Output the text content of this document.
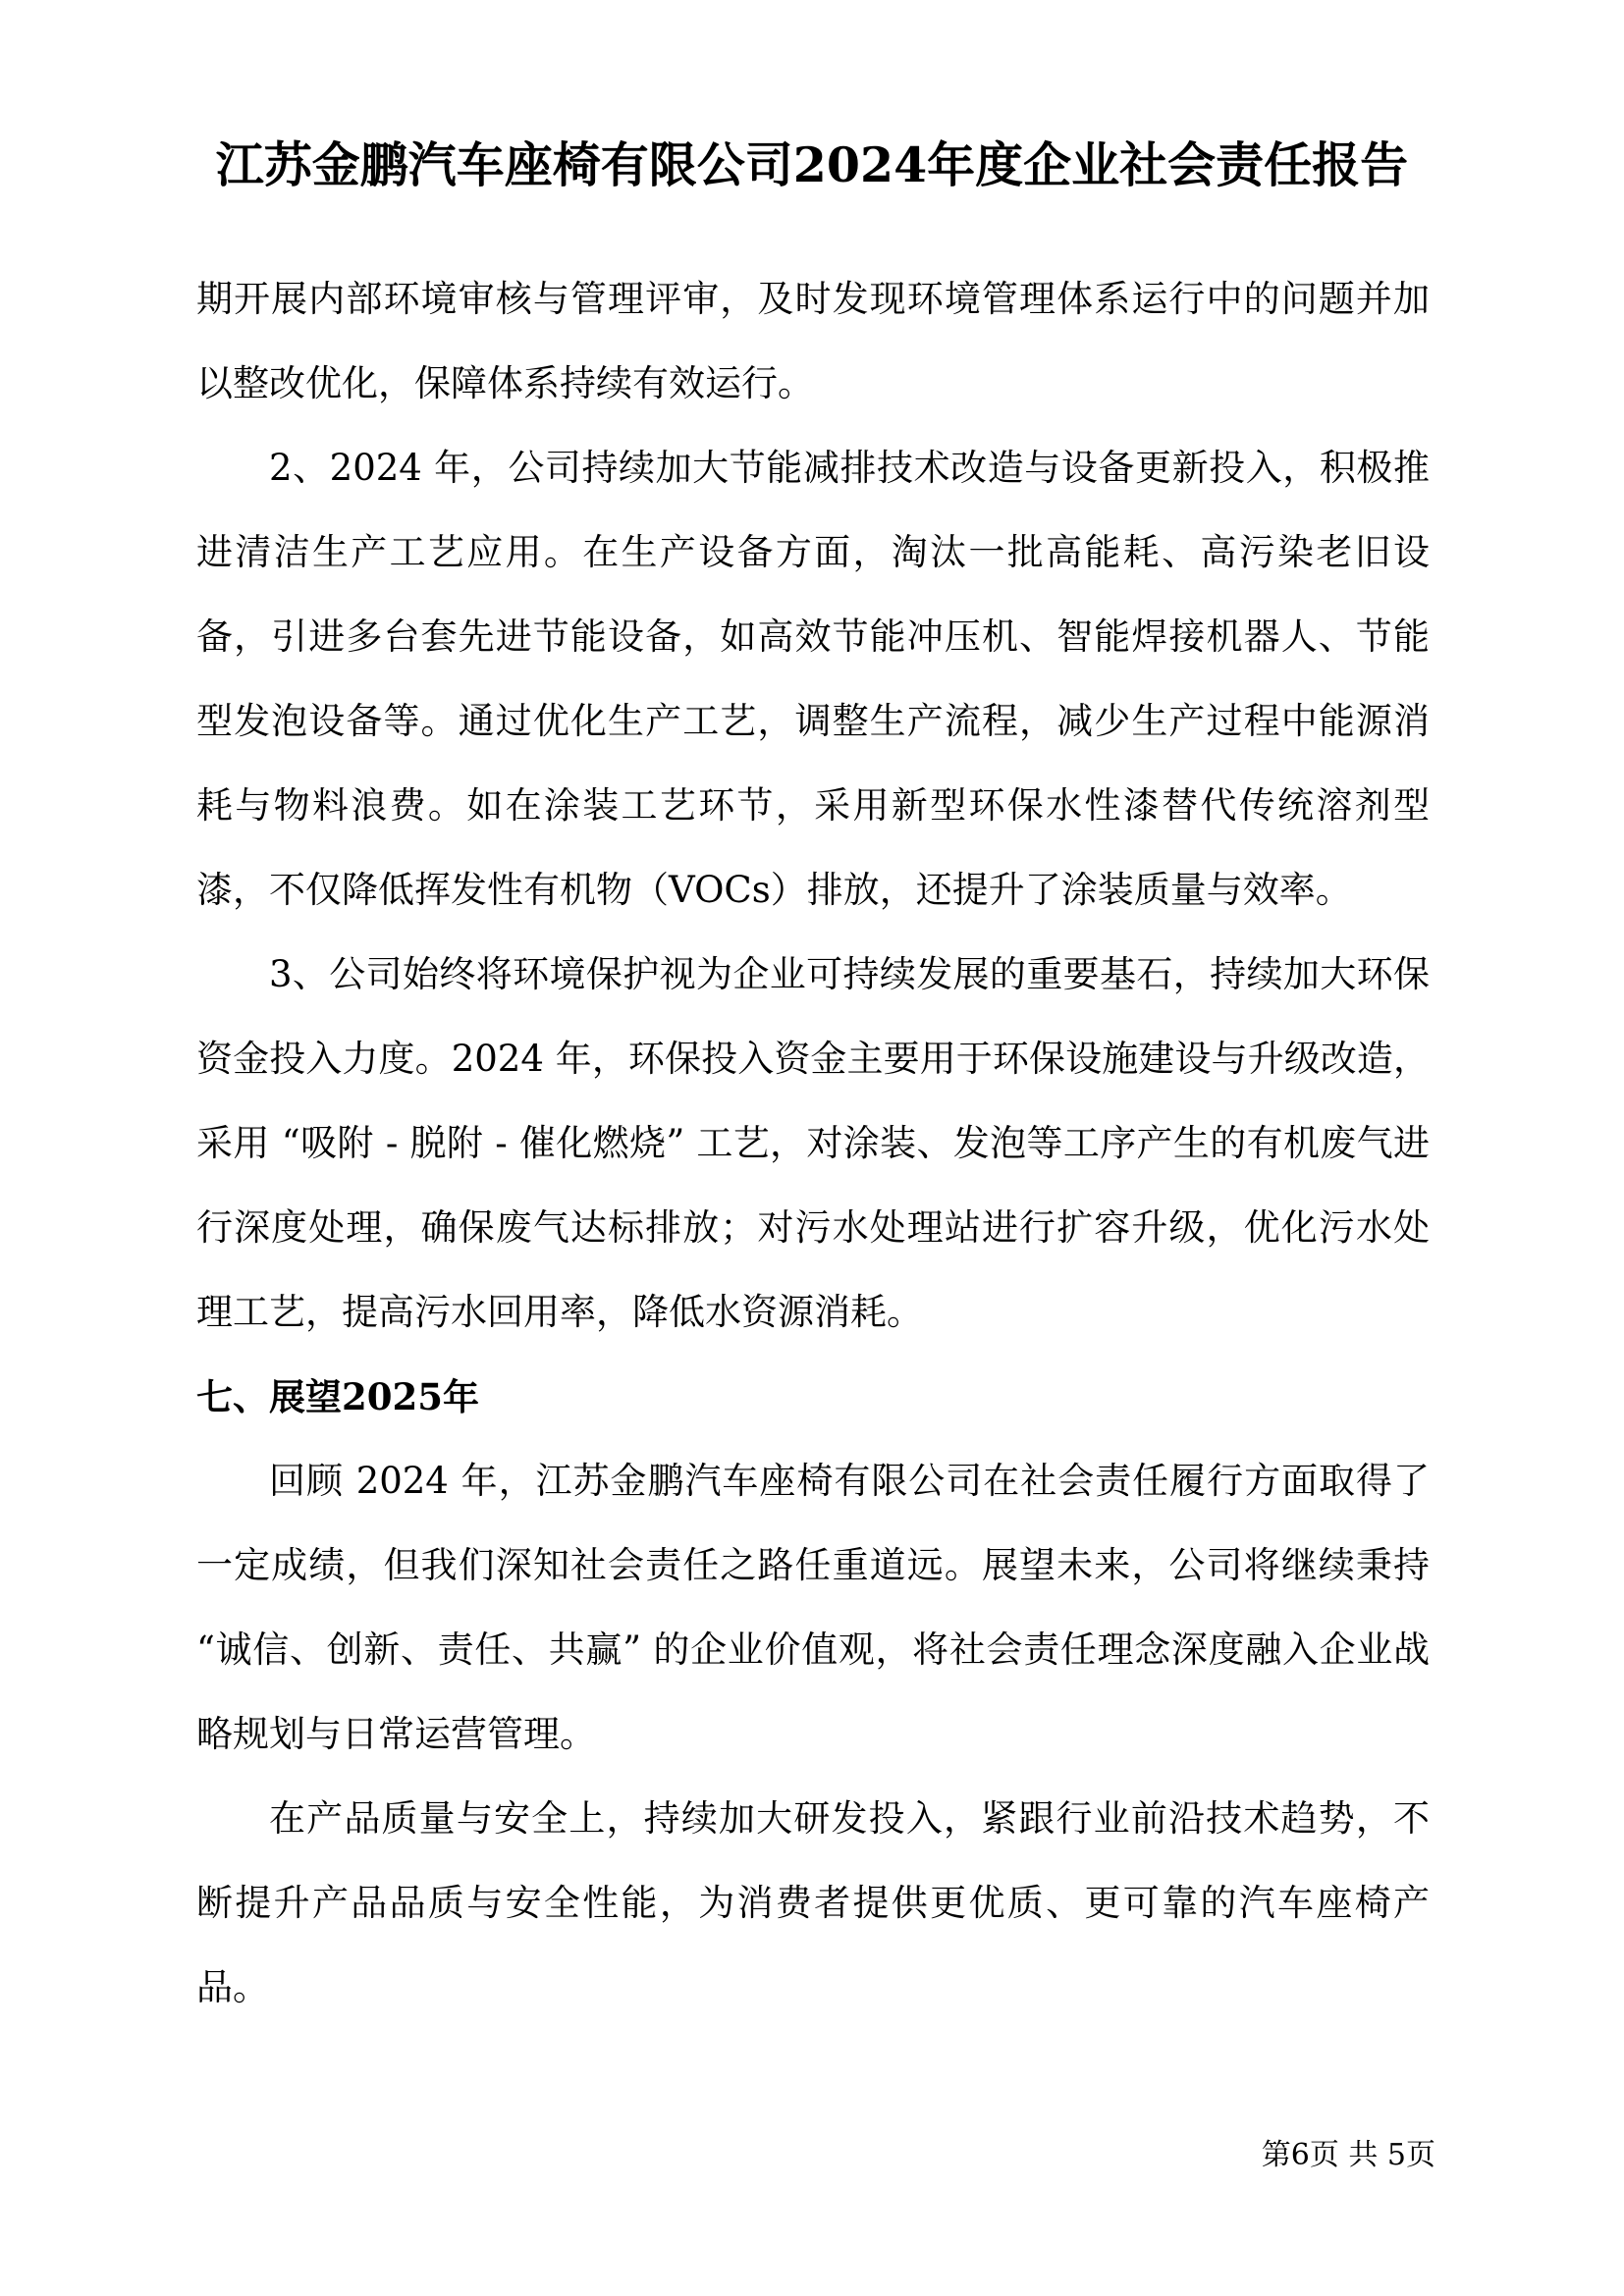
江苏金鹏汽车座椅有限公司2024年度企业社会责任报告

期开展内部环境审核与管理评审，及时发现环境管理体系运行中的问题并加以整改优化，保障体系持续有效运行。

2、2024 年，公司持续加大节能减排技术改造与设备更新投入，积极推进清洁生产工艺应用。在生产设备方面，淘汰一批高能耗、高污染老旧设备，引进多台套先进节能设备，如高效节能冲压机、智能焊接机器人、节能型发泡设备等。通过优化生产工艺，调整生产流程，减少生产过程中能源消耗与物料浪费。如在涂装工艺环节，采用新型环保水性漆替代传统溶剂型漆，不仅降低挥发性有机物（VOCs）排放，还提升了涂装质量与效率。

3、公司始终将环境保护视为企业可持续发展的重要基石，持续加大环保资金投入力度。2024 年，环保投入资金主要用于环保设施建设与升级改造，采用 “吸附 - 脱附 - 催化燃烧” 工艺，对涂装、发泡等工序产生的有机废气进行深度处理，确保废气达标排放；对污水处理站进行扩容升级，优化污水处理工艺，提高污水回用率，降低水资源消耗。

七、展望2025年

回顾 2024 年，江苏金鹏汽车座椅有限公司在社会责任履行方面取得了一定成绩，但我们深知社会责任之路任重道远。展望未来，公司将继续秉持 “诚信、创新、责任、共赢” 的企业价值观，将社会责任理念深度融入企业战略规划与日常运营管理。

在产品质量与安全上，持续加大研发投入，紧跟行业前沿技术趋势，不断提升产品品质与安全性能，为消费者提供更优质、更可靠的汽车座椅产品。

第6页 共 5页
